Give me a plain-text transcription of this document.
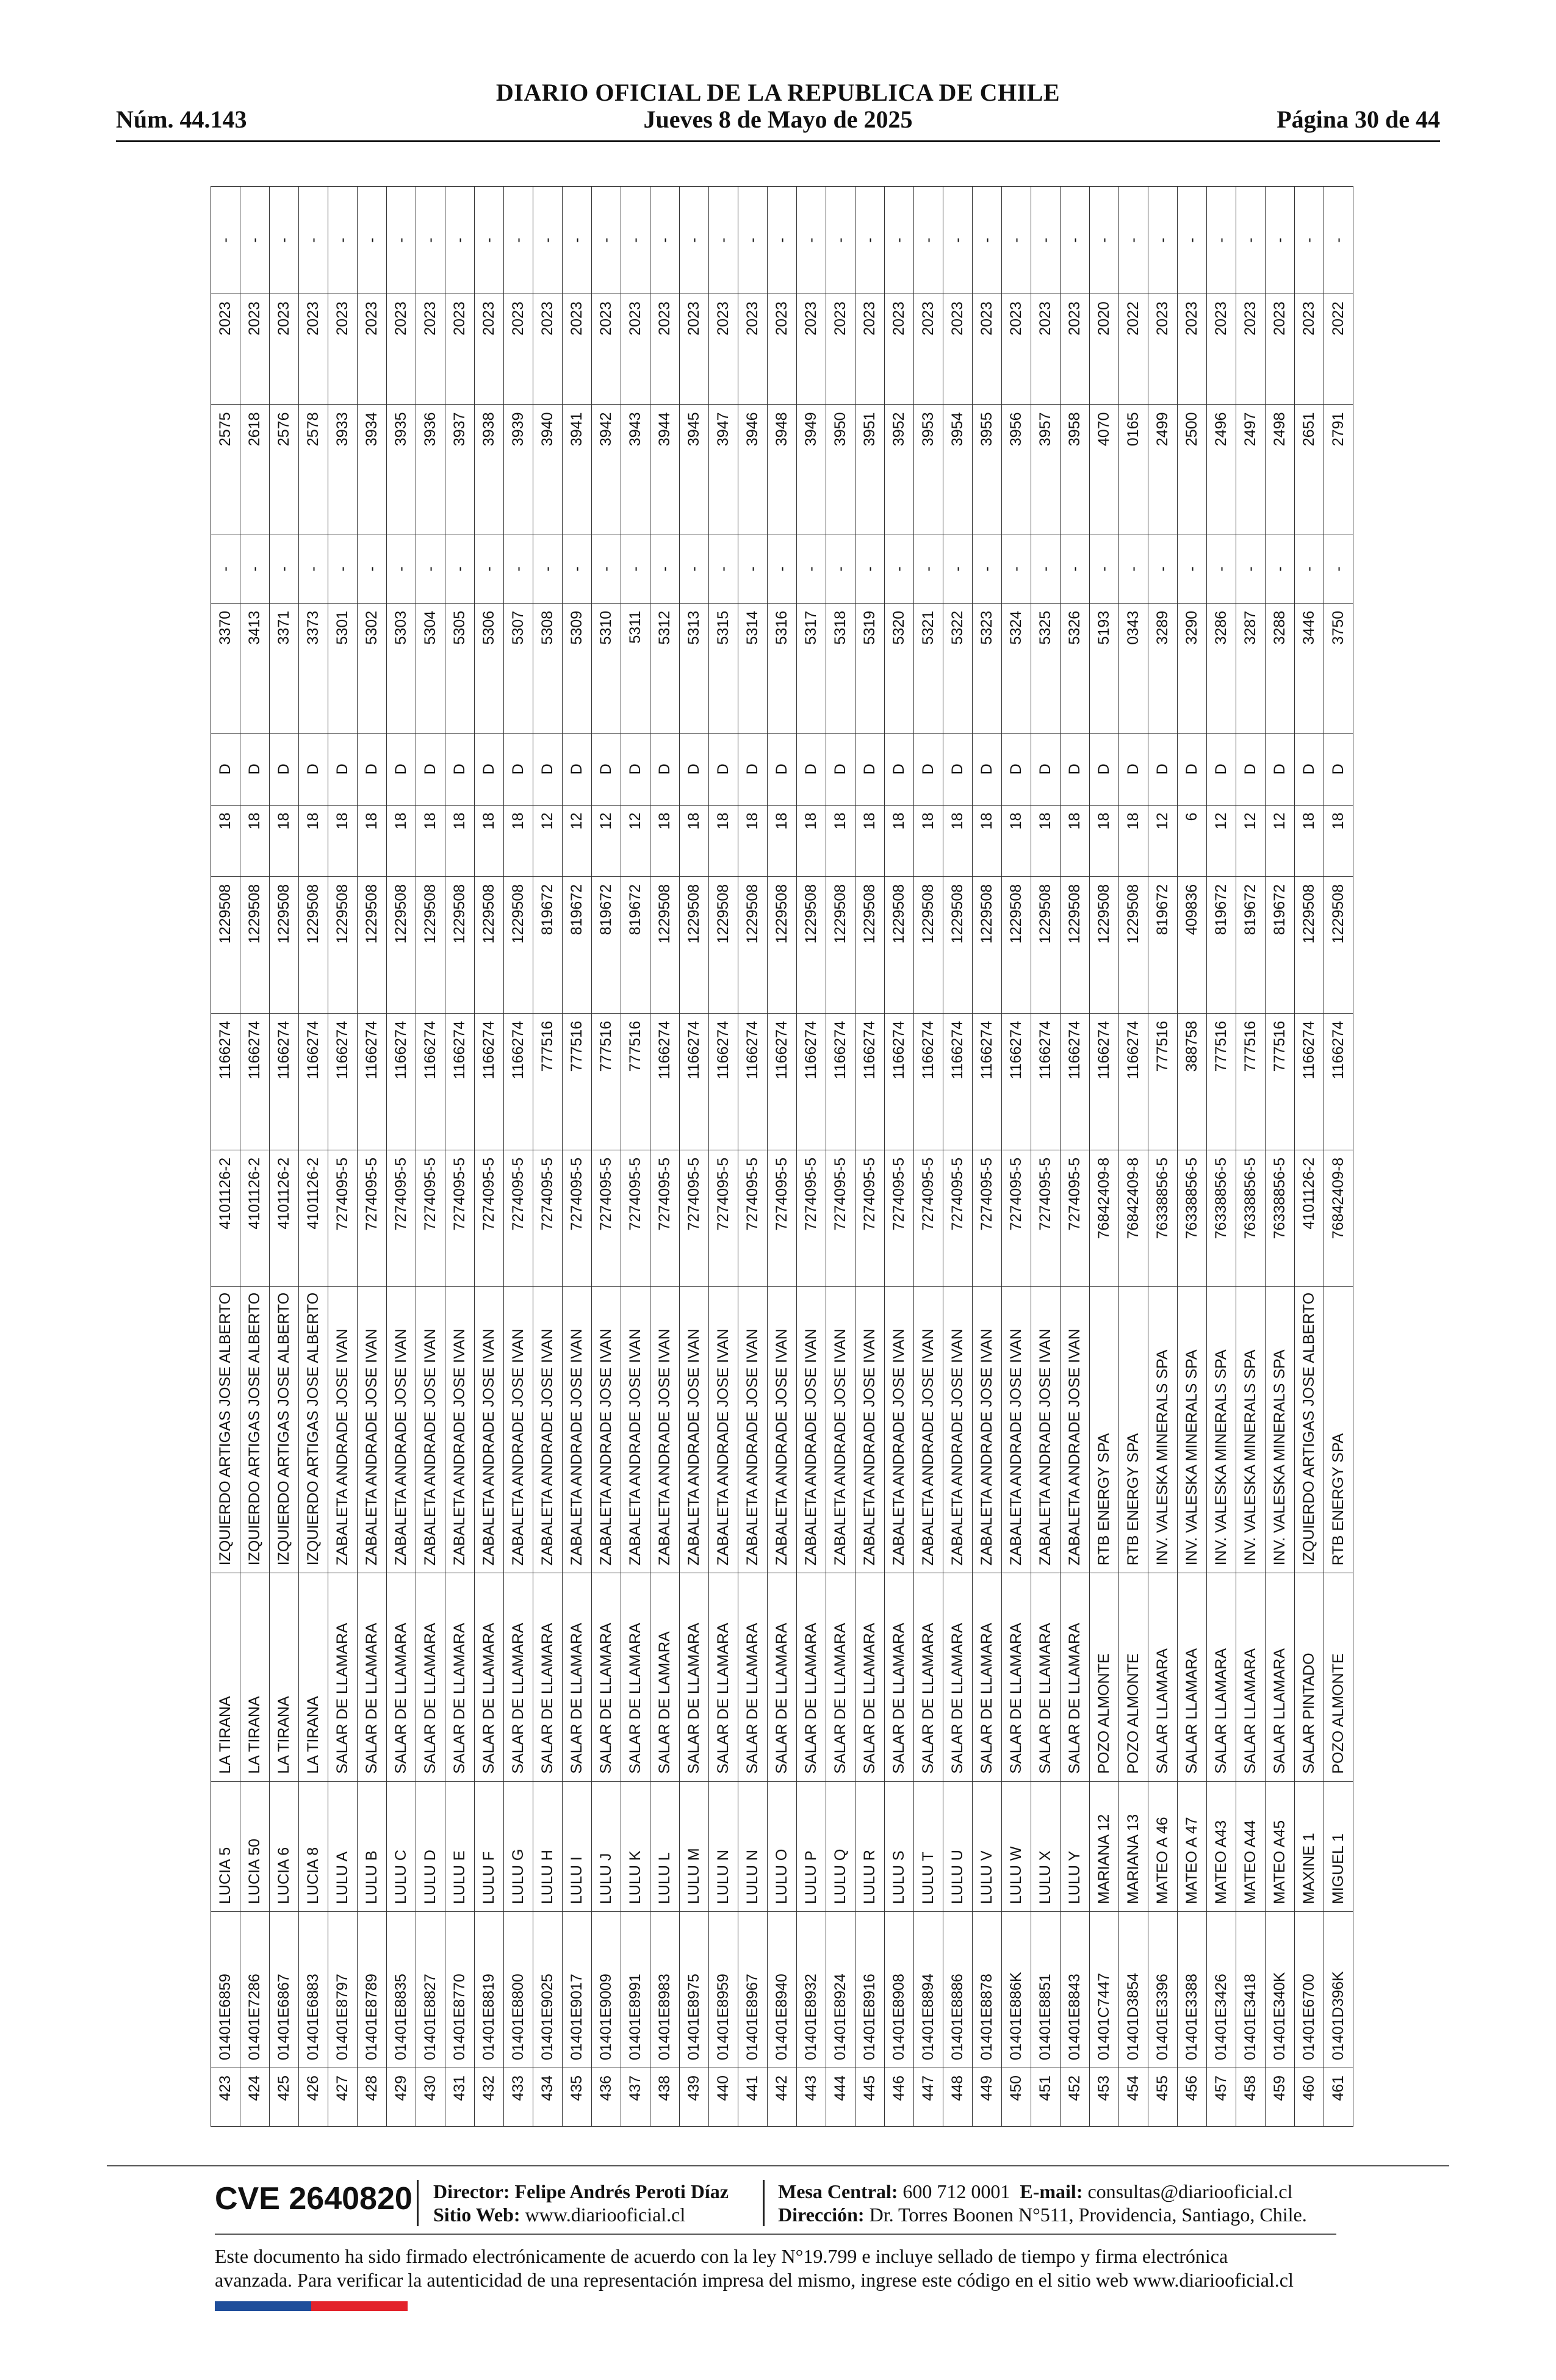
DIARIO OFICIAL DE LA REPUBLICA DE CHILE
Núm. 44.143	Jueves 8 de Mayo de 2025	Página 30 de 44
423	01401E6859	LUCIA 5	LA TIRANA	IZQUIERDO ARTIGAS JOSE ALBERTO	4101126-2	1166274	1229508	18	D	3370	-	2575	2023	-
424	01401E7286	LUCIA 50	LA TIRANA	IZQUIERDO ARTIGAS JOSE ALBERTO	4101126-2	1166274	1229508	18	D	3413	-	2618	2023	-
425	01401E6867	LUCIA 6	LA TIRANA	IZQUIERDO ARTIGAS JOSE ALBERTO	4101126-2	1166274	1229508	18	D	3371	-	2576	2023	-
426	01401E6883	LUCIA 8	LA TIRANA	IZQUIERDO ARTIGAS JOSE ALBERTO	4101126-2	1166274	1229508	18	D	3373	-	2578	2023	-
427	01401E8797	LULU A	SALAR DE LLAMARA	ZABALETA ANDRADE JOSE IVAN	7274095-5	1166274	1229508	18	D	5301	-	3933	2023	-
428	01401E8789	LULU B	SALAR DE LLAMARA	ZABALETA ANDRADE JOSE IVAN	7274095-5	1166274	1229508	18	D	5302	-	3934	2023	-
429	01401E8835	LULU C	SALAR DE LLAMARA	ZABALETA ANDRADE JOSE IVAN	7274095-5	1166274	1229508	18	D	5303	-	3935	2023	-
430	01401E8827	LULU D	SALAR DE LLAMARA	ZABALETA ANDRADE JOSE IVAN	7274095-5	1166274	1229508	18	D	5304	-	3936	2023	-
431	01401E8770	LULU E	SALAR DE LLAMARA	ZABALETA ANDRADE JOSE IVAN	7274095-5	1166274	1229508	18	D	5305	-	3937	2023	-
432	01401E8819	LULU F	SALAR DE LLAMARA	ZABALETA ANDRADE JOSE IVAN	7274095-5	1166274	1229508	18	D	5306	-	3938	2023	-
433	01401E8800	LULU G	SALAR DE LLAMARA	ZABALETA ANDRADE JOSE IVAN	7274095-5	1166274	1229508	18	D	5307	-	3939	2023	-
434	01401E9025	LULU H	SALAR DE LLAMARA	ZABALETA ANDRADE JOSE IVAN	7274095-5	777516	819672	12	D	5308	-	3940	2023	-
435	01401E9017	LULU I	SALAR DE LLAMARA	ZABALETA ANDRADE JOSE IVAN	7274095-5	777516	819672	12	D	5309	-	3941	2023	-
436	01401E9009	LULU J	SALAR DE LLAMARA	ZABALETA ANDRADE JOSE IVAN	7274095-5	777516	819672	12	D	5310	-	3942	2023	-
437	01401E8991	LULU K	SALAR DE LLAMARA	ZABALETA ANDRADE JOSE IVAN	7274095-5	777516	819672	12	D	5311	-	3943	2023	-
438	01401E8983	LULU L	SALAR DE LAMARA	ZABALETA ANDRADE JOSE IVAN	7274095-5	1166274	1229508	18	D	5312	-	3944	2023	-
439	01401E8975	LULU M	SALAR DE LLAMARA	ZABALETA ANDRADE JOSE IVAN	7274095-5	1166274	1229508	18	D	5313	-	3945	2023	-
440	01401E8959	LULU N	SALAR DE LLAMARA	ZABALETA ANDRADE JOSE IVAN	7274095-5	1166274	1229508	18	D	5315	-	3947	2023	-
441	01401E8967	LULU N	SALAR DE LLAMARA	ZABALETA ANDRADE JOSE IVAN	7274095-5	1166274	1229508	18	D	5314	-	3946	2023	-
442	01401E8940	LULU O	SALAR DE LLAMARA	ZABALETA ANDRADE JOSE IVAN	7274095-5	1166274	1229508	18	D	5316	-	3948	2023	-
443	01401E8932	LULU P	SALAR DE LLAMARA	ZABALETA ANDRADE JOSE IVAN	7274095-5	1166274	1229508	18	D	5317	-	3949	2023	-
444	01401E8924	LULU Q	SALAR DE LLAMARA	ZABALETA ANDRADE JOSE IVAN	7274095-5	1166274	1229508	18	D	5318	-	3950	2023	-
445	01401E8916	LULU R	SALAR DE LLAMARA	ZABALETA ANDRADE JOSE IVAN	7274095-5	1166274	1229508	18	D	5319	-	3951	2023	-
446	01401E8908	LULU S	SALAR DE LLAMARA	ZABALETA ANDRADE JOSE IVAN	7274095-5	1166274	1229508	18	D	5320	-	3952	2023	-
447	01401E8894	LULU T	SALAR DE LLAMARA	ZABALETA ANDRADE JOSE IVAN	7274095-5	1166274	1229508	18	D	5321	-	3953	2023	-
448	01401E8886	LULU U	SALAR DE LLAMARA	ZABALETA ANDRADE JOSE IVAN	7274095-5	1166274	1229508	18	D	5322	-	3954	2023	-
449	01401E8878	LULU V	SALAR DE LLAMARA	ZABALETA ANDRADE JOSE IVAN	7274095-5	1166274	1229508	18	D	5323	-	3955	2023	-
450	01401E886K	LULU W	SALAR DE LLAMARA	ZABALETA ANDRADE JOSE IVAN	7274095-5	1166274	1229508	18	D	5324	-	3956	2023	-
451	01401E8851	LULU X	SALAR DE LLAMARA	ZABALETA ANDRADE JOSE IVAN	7274095-5	1166274	1229508	18	D	5325	-	3957	2023	-
452	01401E8843	LULU Y	SALAR DE LLAMARA	ZABALETA ANDRADE JOSE IVAN	7274095-5	1166274	1229508	18	D	5326	-	3958	2023	-
453	01401C7447	MARIANA 12	POZO ALMONTE	RTB ENERGY SPA	76842409-8	1166274	1229508	18	D	5193	-	4070	2020	-
454	01401D3854	MARIANA 13	POZO ALMONTE	RTB ENERGY SPA	76842409-8	1166274	1229508	18	D	0343	-	0165	2022	-
455	01401E3396	MATEO A 46	SALAR LLAMARA	INV. VALESKA MINERALS SPA	76338856-5	777516	819672	12	D	3289	-	2499	2023	-
456	01401E3388	MATEO A 47	SALAR LLAMARA	INV. VALESKA MINERALS SPA	76338856-5	388758	409836	6	D	3290	-	2500	2023	-
457	01401E3426	MATEO A43	SALAR LLAMARA	INV. VALESKA MINERALS SPA	76338856-5	777516	819672	12	D	3286	-	2496	2023	-
458	01401E3418	MATEO A44	SALAR LLAMARA	INV. VALESKA MINERALS SPA	76338856-5	777516	819672	12	D	3287	-	2497	2023	-
459	01401E340K	MATEO A45	SALAR LLAMARA	INV. VALESKA MINERALS SPA	76338856-5	777516	819672	12	D	3288	-	2498	2023	-
460	01401E6700	MAXINE 1	SALAR PINTADO	IZQUIERDO ARTIGAS JOSE ALBERTO	4101126-2	1166274	1229508	18	D	3446	-	2651	2023	-
461	01401D396K	MIGUEL 1	POZO ALMONTE	RTB ENERGY SPA	76842409-8	1166274	1229508	18	D	3750	-	2791	2022	-
CVE 2640820 Director: Felipe Andrés Peroti Díaz
Sitio Web: www.diariooficial.cl
Mesa Central: 600 712 0001 E-mail: consultas@diariooficial.cl
Dirección: Dr. Torres Boonen N°511, Providencia, Santiago, Chile.
Este documento ha sido firmado electrónicamente de acuerdo con la ley N°19.799 e incluye sellado de tiempo y firma electrónica
avanzada. Para verificar la autenticidad de una representación impresa del mismo, ingrese este código en el sitio web www.diariooficial.cl
